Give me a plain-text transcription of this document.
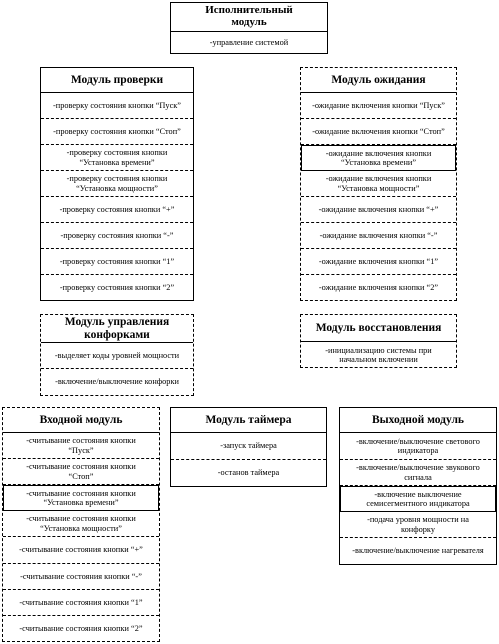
Исполнительный
модуль
-управление системой
Модуль проверки
-проверку состояния кнопки “Пуск”
-проверку состояния кнопки “Стоп”
-проверку состояния кнопки
“Установка времени”
-проверку состояния кнопки
“Установка мощности”
-проверку состояния кнопки “+”
-проверку состояния кнопки “-”
-проверку состояния кнопки “1”
-проверку состояния кнопки “2”
Модуль ожидания
-ожидание включения кнопки “Пуск”
-ожидание включения кнопки “Стоп”
-ожидание включения кнопки
“Установка времени”
-ожидание включения кнопки
“Установка мощности”
-ожидание включения кнопки “+”
-ожидание включения кнопки “-”
-ожидание включения кнопки “1”
-ожидание включения кнопки “2”
Модуль управления
конфорками
-выделяет коды уровней мощности
-включение/выключение конфорки
Модуль восстановления
-инициализацию системы при
начальном включении
Входной модуль
-считывание состояния кнопки
“Пуск”
-считывание состояния кнопки
“Стоп”
-считывание состояния кнопки
“Установка времени”
-считывание состояния кнопки
“Установка мощности”
-считывание состояния кнопки “+”
-считывание состояния кнопки “-”
-считывание состояния кнопки “1”
-считывание состояния кнопки “2”
Модуль таймера
-запуск таймера
-останов таймера
Выходной модуль
-включение/выключение светового
индикатора
-включение/выключение звукового
сигнала
-включение выключение
семисегментного индикатора
-подача уровня мощности на
конфорку
-включение/выключение нагревателя
